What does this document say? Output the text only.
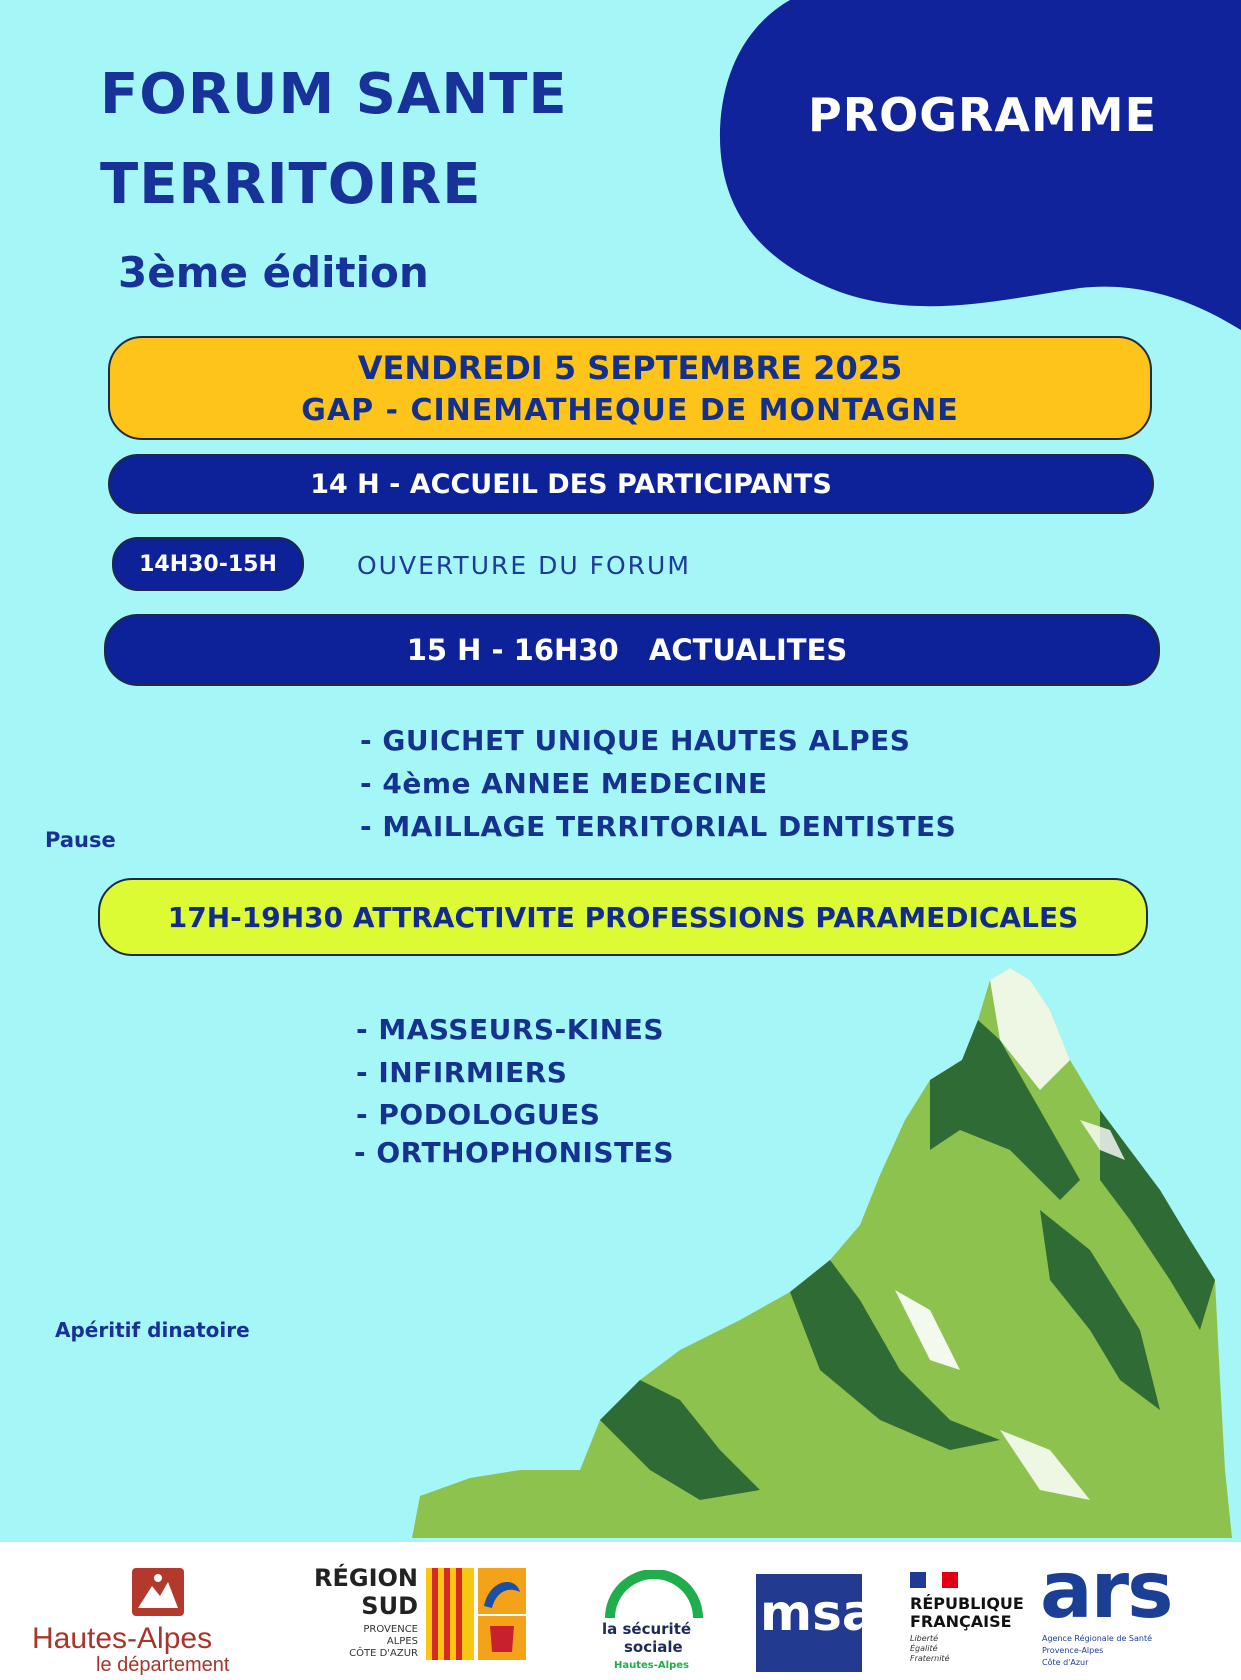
FORUM SANTE
TERRITOIRE
3ème édition
PROGRAMME
VENDREDI 5 SEPTEMBRE 2025
GAP - CINEMATHEQUE DE MONTAGNE
14 H - ACCUEIL DES PARTICIPANTS
14H30-15H	OUVERTURE DU FORUM
15 H - 16H30   ACTUALITES
- GUICHET UNIQUE HAUTES ALPES
- 4ème ANNEE MEDECINE
- MAILLAGE TERRITORIAL DENTISTES
Pause
17H-19H30 ATTRACTIVITE PROFESSIONS PARAMEDICALES
- MASSEURS-KINES
- INFIRMIERS
- PODOLOGUES
- ORTHOPHONISTES
Apéritif dinatoire
Hautes-Alpes
le département
RÉGION
SUD
PROVENCE
ALPES
CÔTE D'AZUR
la sécurité
sociale
Hautes-Alpes
msa RÉPUBLIQUE
FRANÇAISE
Liberté
Égalité
Fraternité
ars
Agence Régionale de Santé
Provence-Alpes
Côte d'Azur
